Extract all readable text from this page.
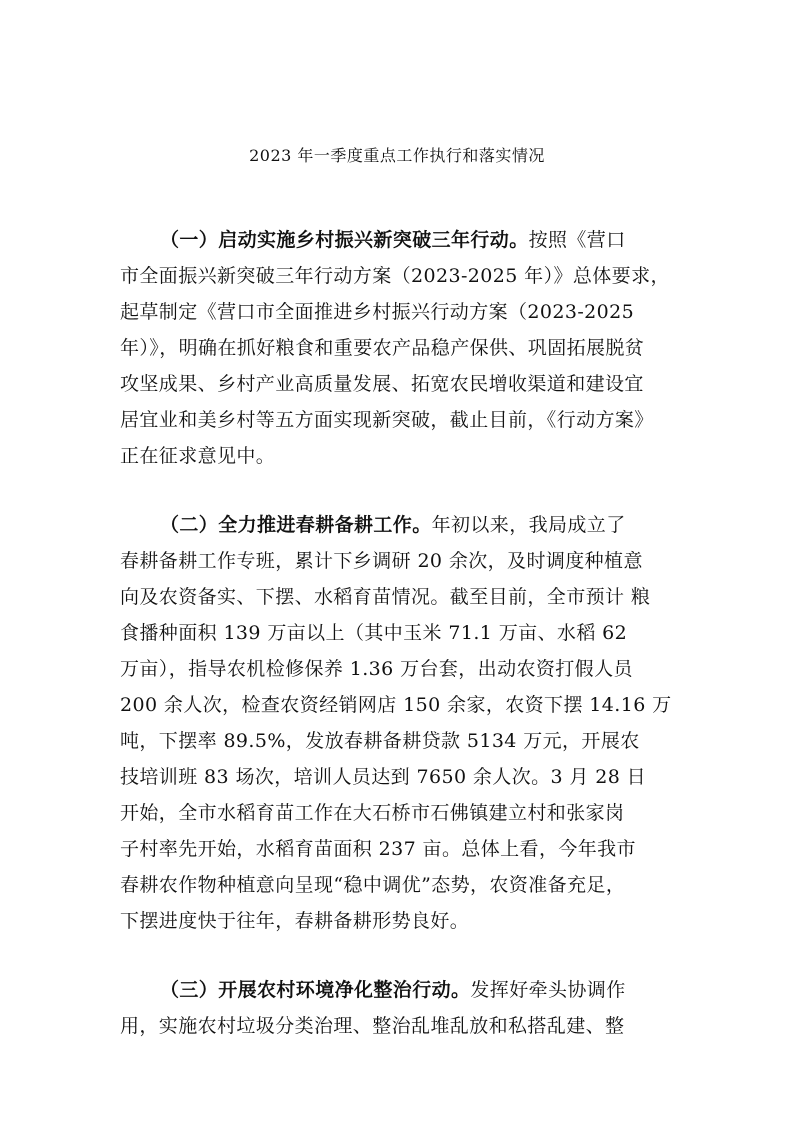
2023 年一季度重点工作执行和落实情况
（一）启动实施乡村振兴新突破三年行动。按照《营口
市全面振兴新突破三年行动方案（2023-2025 年）》总体要求，
起草制定《营口市全面推进乡村振兴行动方案（2023-2025
年）》，明确在抓好粮食和重要农产品稳产保供、巩固拓展脱贫
攻坚成果、乡村产业高质量发展、拓宽农民增收渠道和建设宜
居宜业和美乡村等五方面实现新突破，截止目前，《行动方案》
正在征求意见中。
（二）全力推进春耕备耕工作。年初以来，我局成立了
春耕备耕工作专班，累计下乡调研 20 余次，及时调度种植意
向及农资备实、下摆、水稻育苗情况。截至目前，全市预计 粮
食播种面积 139 万亩以上（其中玉米 71.1 万亩、水稻 62
万亩），指导农机检修保养 1.36 万台套，出动农资打假人员
200 余人次，检查农资经销网店 150 余家，农资下摆 14.16 万
吨，下摆率 89.5%，发放春耕备耕贷款 5134 万元，开展农
技培训班 83 场次，培训人员达到 7650 余人次。3 月 28 日
开始，全市水稻育苗工作在大石桥市石佛镇建立村和张家岗
子村率先开始，水稻育苗面积 237 亩。总体上看，今年我市
春耕农作物种植意向呈现“稳中调优”态势，农资准备充足，
下摆进度快于往年，春耕备耕形势良好。
（三）开展农村环境净化整治行动。发挥好牵头协调作
用，实施农村垃圾分类治理、整治乱堆乱放和私搭乱建、整
